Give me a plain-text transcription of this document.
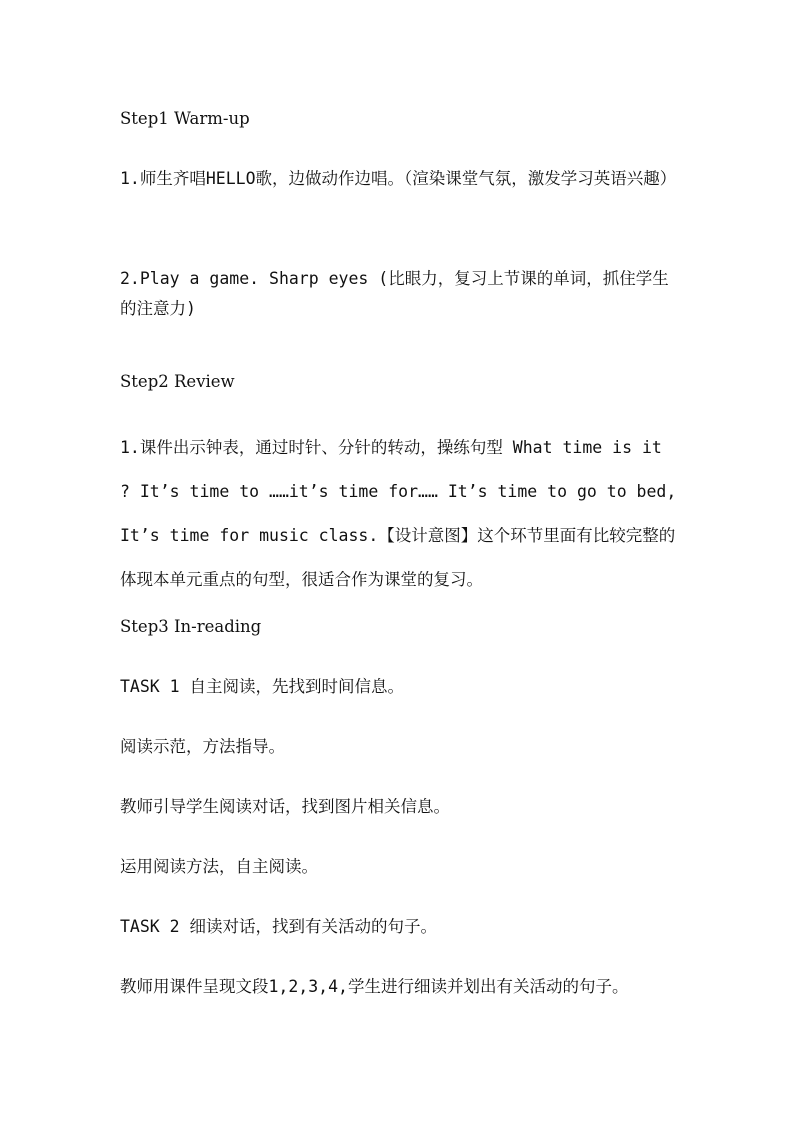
Step1 Warm-up
1.师生齐唱HELLO歌，边做动作边唱。（渲染课堂气氛，激发学习英语兴趣）
2.Play a game. Sharp eyes (比眼力，复习上节课的单词，抓住学生的注意力)
Step2 Review
1.课件出示钟表，通过时针、分针的转动，操练句型 What time is it ? It’s time to ……it’s time for…… It’s time to go to bed, It’s time for music class.【设计意图】这个环节里面有比较完整的体现本单元重点的句型，很适合作为课堂的复习。
Step3 In-reading
TASK 1 自主阅读，先找到时间信息。
阅读示范，方法指导。
教师引导学生阅读对话，找到图片相关信息。
运用阅读方法，自主阅读。
TASK 2 细读对话，找到有关活动的句子。
教师用课件呈现文段1,2,3,4,学生进行细读并划出有关活动的句子。
